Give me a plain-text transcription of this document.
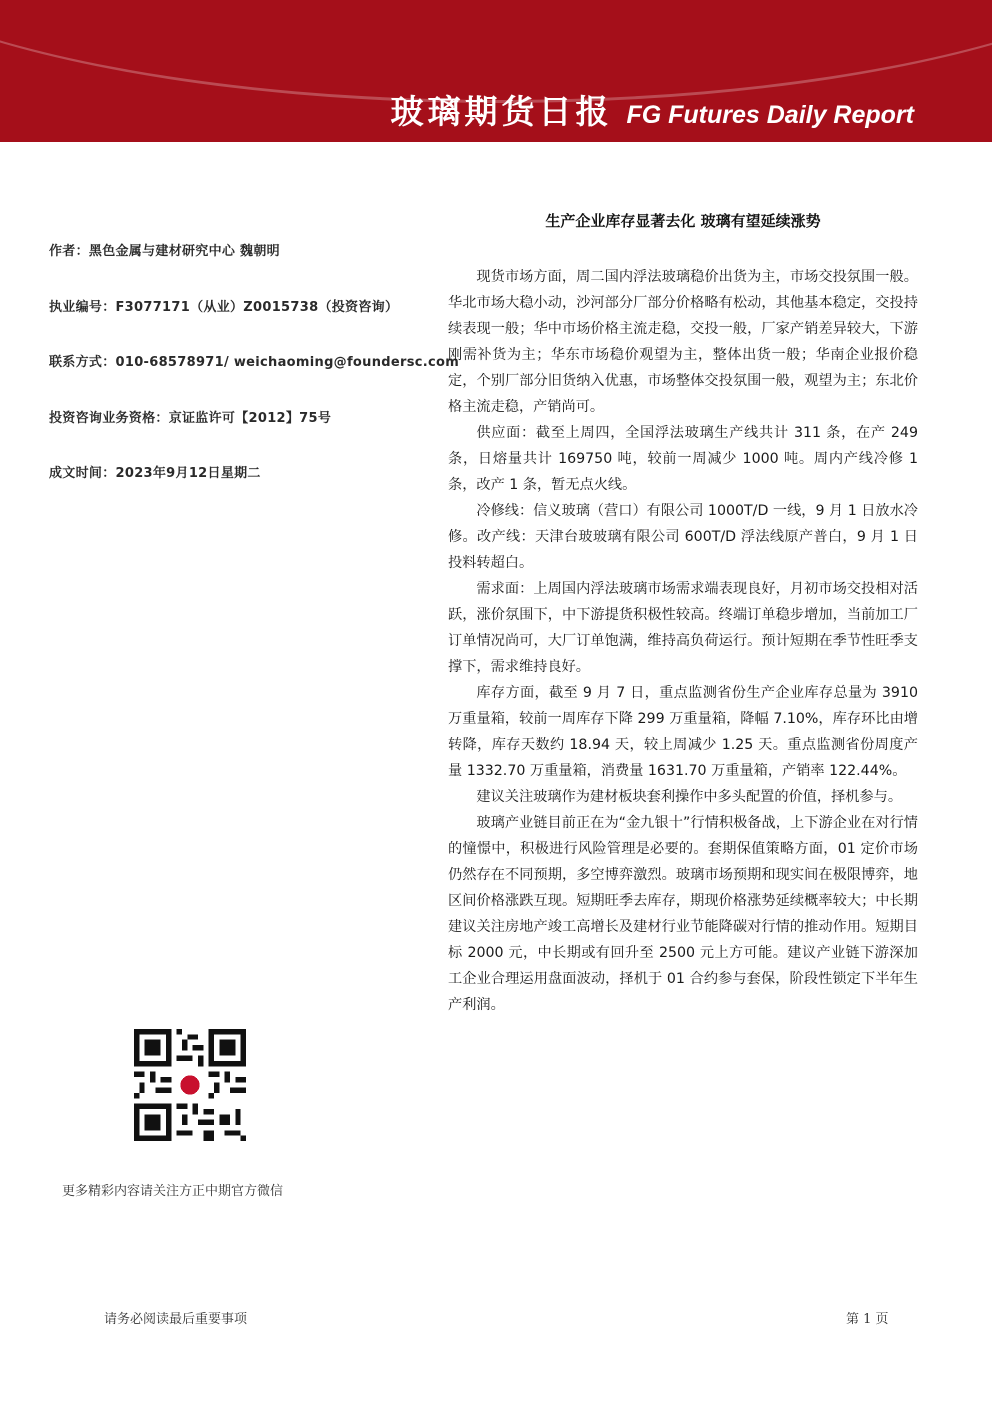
玻璃期货日报 FG Futures Daily Report

作者：黑色金属与建材研究中心 魏朝明

执业编号：F3077171（从业）Z0015738（投资咨询）

联系方式：010-68578971/ weichaoming@foundersc.com

投资咨询业务资格：京证监许可【2012】75号

成文时间：2023年9月12日星期二

生产企业库存显著去化 玻璃有望延续涨势

现货市场方面，周二国内浮法玻璃稳价出货为主，市场交投氛围一般。华北市场大稳小动，沙河部分厂部分价格略有松动，其他基本稳定，交投持续表现一般；华中市场价格主流走稳，交投一般，厂家产销差异较大，下游刚需补货为主；华东市场稳价观望为主，整体出货一般；华南企业报价稳定，个别厂部分旧货纳入优惠，市场整体交投氛围一般，观望为主；东北价格主流走稳，产销尚可。

供应面：截至上周四，全国浮法玻璃生产线共计 311 条，在产 249 条，日熔量共计 169750 吨，较前一周减少 1000 吨。周内产线冷修 1 条，改产 1 条，暂无点火线。

冷修线：信义玻璃（营口）有限公司 1000T/D 一线，9 月 1 日放水冷修。改产线：天津台玻玻璃有限公司 600T/D 浮法线原产普白，9 月 1 日投料转超白。

需求面：上周国内浮法玻璃市场需求端表现良好，月初市场交投相对活跃，涨价氛围下，中下游提货积极性较高。终端订单稳步增加，当前加工厂订单情况尚可，大厂订单饱满，维持高负荷运行。预计短期在季节性旺季支撑下，需求维持良好。

库存方面，截至 9 月 7 日，重点监测省份生产企业库存总量为 3910 万重量箱，较前一周库存下降 299 万重量箱，降幅 7.10%，库存环比由增转降，库存天数约 18.94 天，较上周减少 1.25 天。重点监测省份周度产量 1332.70 万重量箱，消费量 1631.70 万重量箱，产销率 122.44%。

建议关注玻璃作为建材板块套利操作中多头配置的价值，择机参与。

玻璃产业链目前正在为“金九银十”行情积极备战，上下游企业在对行情的憧憬中，积极进行风险管理是必要的。套期保值策略方面，01 定价市场仍然存在不同预期，多空博弈激烈。玻璃市场预期和现实间在极限博弈，地区间价格涨跌互现。短期旺季去库存，期现价格涨势延续概率较大；中长期建议关注房地产竣工高增长及建材行业节能降碳对行情的推动作用。短期目标 2000 元，中长期或有回升至 2500 元上方可能。建议产业链下游深加工企业合理运用盘面波动，择机于 01 合约参与套保，阶段性锁定下半年生产利润。

更多精彩内容请关注方正中期官方微信
请务必阅读最后重要事项	第 1 页
